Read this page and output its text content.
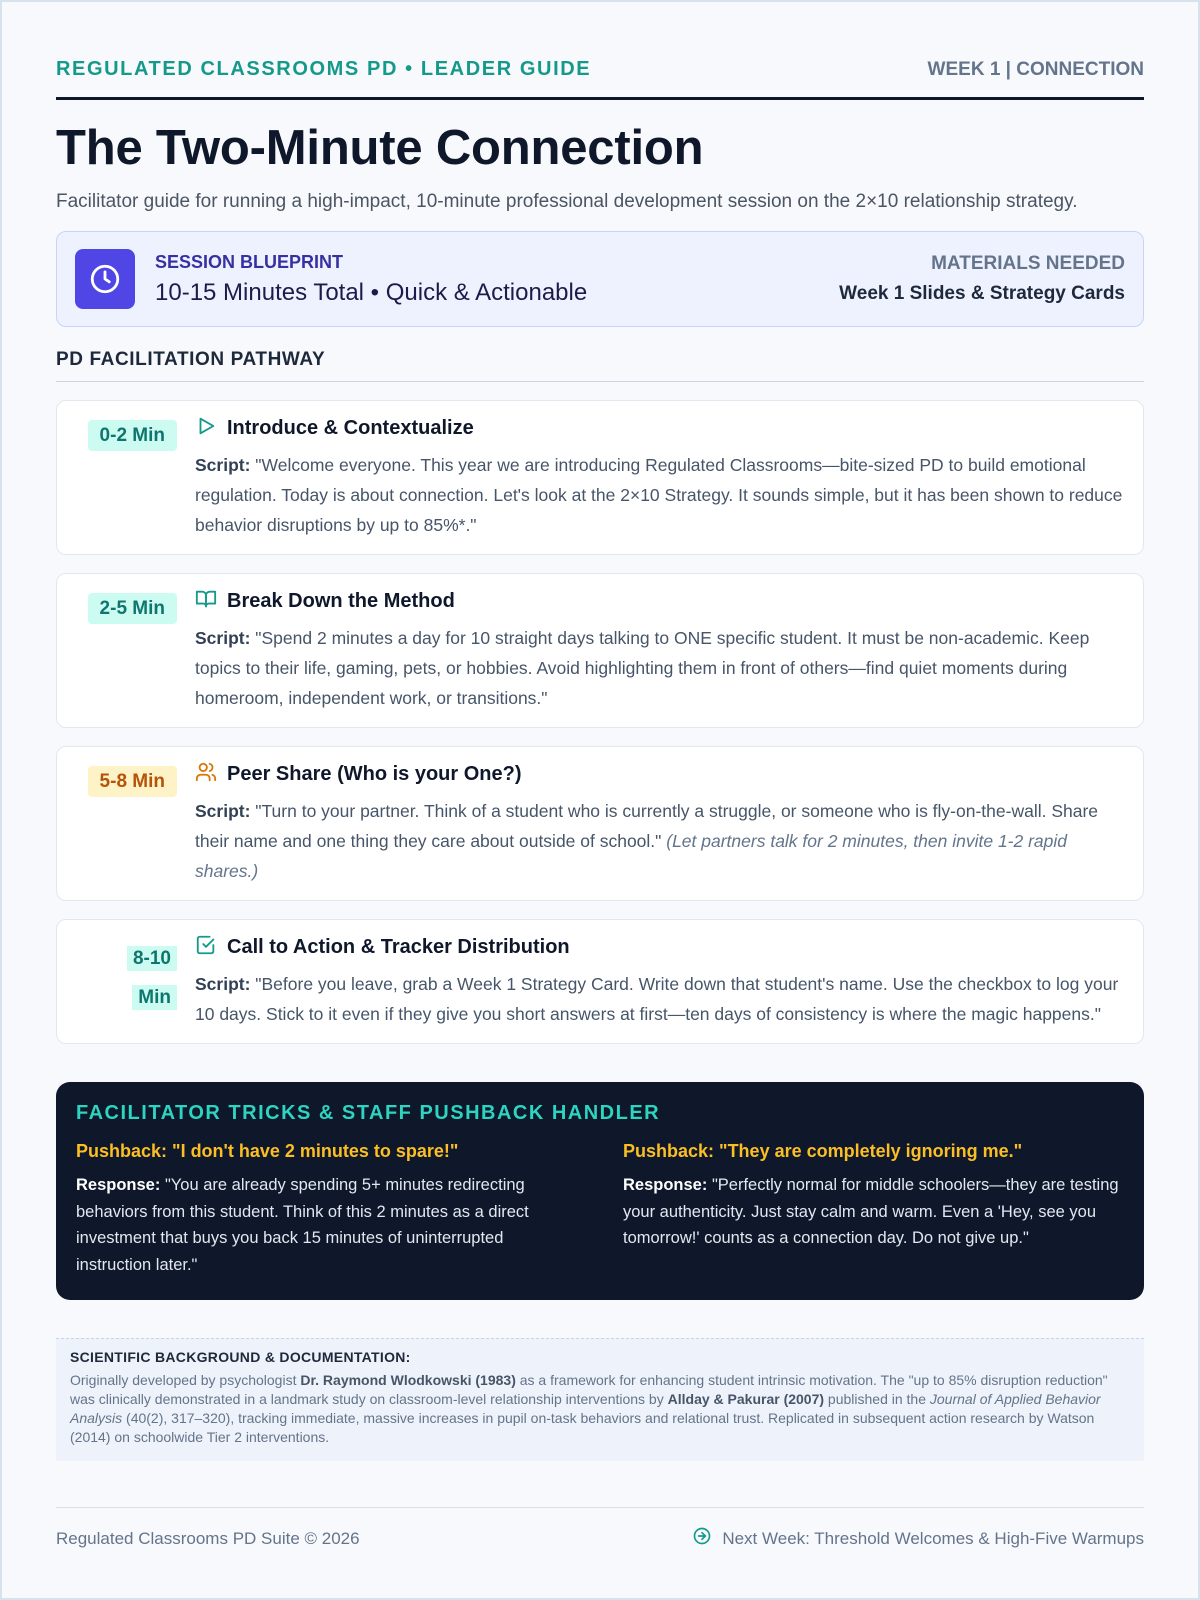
REGULATED CLASSROOMS PD • LEADER GUIDE	WEEK 1 | CONNECTION
The Two-Minute Connection

Facilitator guide for running a high-impact, 10-minute professional development session on the 2×10 relationship strategy.

SESSION BLUEPRINT
10-15 Minutes Total • Quick & Actionable
MATERIALS NEEDED
Week 1 Slides & Strategy Cards
PD FACILITATION PATHWAY
0-2 Min	Introduce & Contextualize

Script: "Welcome everyone. This year we are introducing Regulated Classrooms—bite-sized PD to build emotional regulation. Today is about connection. Let's look at the 2×10 Strategy. It sounds simple, but it has been shown to reduce behavior disruptions by up to 85%*."

2-5 Min	Break Down the Method

Script: "Spend 2 minutes a day for 10 straight days talking to ONE specific student. It must be non-academic. Keep topics to their life, gaming, pets, or hobbies. Avoid highlighting them in front of others—find quiet moments during homeroom, independent work, or transitions."

5-8 Min	Peer Share (Who is your One?)

Script: "Turn to your partner. Think of a student who is currently a struggle, or someone who is fly-on-the-wall. Share their name and one thing they care about outside of school." (Let partners talk for 2 minutes, then invite 1-2 rapid shares.)

8-10
Min
Call to Action & Tracker Distribution

Script: "Before you leave, grab a Week 1 Strategy Card. Write down that student's name. Use the checkbox to log your 10 days. Stick to it even if they give you short answers at first—ten days of consistency is where the magic happens."

FACILITATOR TRICKS & STAFF PUSHBACK HANDLER
Pushback: "I don't have 2 minutes to spare!"

Response: "You are already spending 5+ minutes redirecting behaviors from this student. Think of this 2 minutes as a direct investment that buys you back 15 minutes of uninterrupted instruction later."

Pushback: "They are completely ignoring me."

Response: "Perfectly normal for middle schoolers—they are testing your authenticity. Just stay calm and warm. Even a 'Hey, see you tomorrow!' counts as a connection day. Do not give up."

SCIENTIFIC BACKGROUND & DOCUMENTATION:

Originally developed by psychologist Dr. Raymond Wlodkowski (1983) as a framework for enhancing student intrinsic motivation. The "up to 85% disruption reduction" was clinically demonstrated in a landmark study on classroom-level relationship interventions by Allday & Pakurar (2007) published in the Journal of Applied Behavior Analysis (40(2), 317–320), tracking immediate, massive increases in pupil on-task behaviors and relational trust. Replicated in subsequent action research by Watson (2014) on schoolwide Tier 2 interventions.

Regulated Classrooms PD Suite © 2026	Next Week: Threshold Welcomes & High-Five Warmups
